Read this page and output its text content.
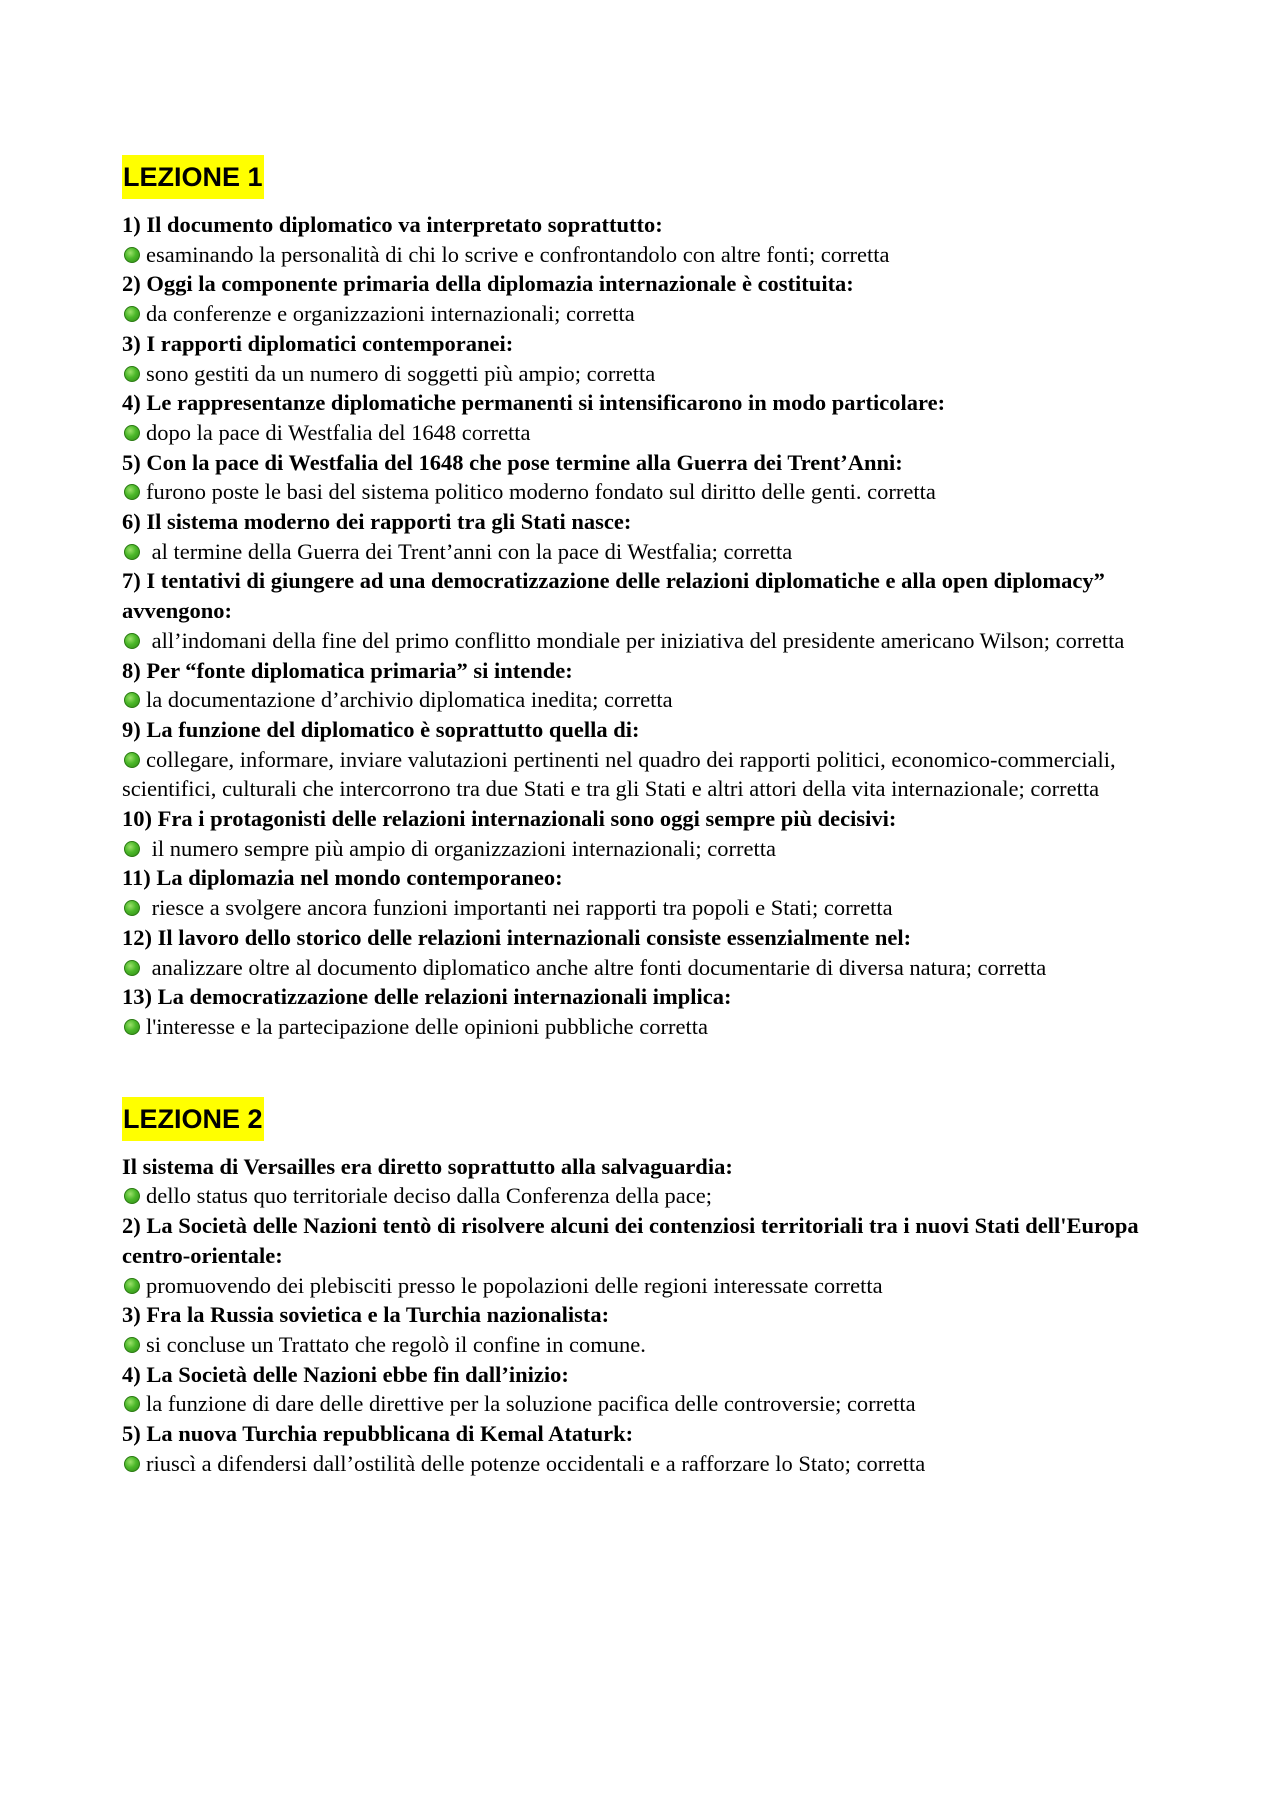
LEZIONE 1

1) Il documento diplomatico va interpretato soprattutto:

esaminando la personalità di chi lo scrive e confrontandolo con altre fonti; corretta

2) Oggi la componente primaria della diplomazia internazionale è costituita:

da conferenze e organizzazioni internazionali; corretta

3) I rapporti diplomatici contemporanei:

sono gestiti da un numero di soggetti più ampio; corretta

4) Le rappresentanze diplomatiche permanenti si intensificarono in modo particolare:

dopo la pace di Westfalia del 1648 corretta

5) Con la pace di Westfalia del 1648 che pose termine alla Guerra dei Trent’Anni:

furono poste le basi del sistema politico moderno fondato sul diritto delle genti. corretta

6) Il sistema moderno dei rapporti tra gli Stati nasce:

al termine della Guerra dei Trent’anni con la pace di Westfalia; corretta

7) I tentativi di giungere ad una democratizzazione delle relazioni diplomatiche e alla open diplomacy” avvengono:

all’indomani della fine del primo conflitto mondiale per iniziativa del presidente americano Wilson; corretta

8) Per “fonte diplomatica primaria” si intende:

la documentazione d’archivio diplomatica inedita; corretta

9) La funzione del diplomatico è soprattutto quella di:

collegare, informare, inviare valutazioni pertinenti nel quadro dei rapporti politici, economico-commerciali, scientifici, culturali che intercorrono tra due Stati e tra gli Stati e altri attori della vita internazionale; corretta

10) Fra i protagonisti delle relazioni internazionali sono oggi sempre più decisivi:

il numero sempre più ampio di organizzazioni internazionali; corretta

11) La diplomazia nel mondo contemporaneo:

riesce a svolgere ancora funzioni importanti nei rapporti tra popoli e Stati; corretta

12) Il lavoro dello storico delle relazioni internazionali consiste essenzialmente nel:

analizzare oltre al documento diplomatico anche altre fonti documentarie di diversa natura; corretta

13) La democratizzazione delle relazioni internazionali implica:

l'interesse e la partecipazione delle opinioni pubbliche corretta

LEZIONE 2

Il sistema di Versailles era diretto soprattutto alla salvaguardia:

dello status quo territoriale deciso dalla Conferenza della pace;

2) La Società delle Nazioni tentò di risolvere alcuni dei contenziosi territoriali tra i nuovi Stati dell'Europa centro-orientale:

promuovendo dei plebisciti presso le popolazioni delle regioni interessate corretta

3) Fra la Russia sovietica e la Turchia nazionalista:

si concluse un Trattato che regolò il confine in comune.

4) La Società delle Nazioni ebbe fin dall’inizio:

la funzione di dare delle direttive per la soluzione pacifica delle controversie; corretta

5) La nuova Turchia repubblicana di Kemal Ataturk:

riuscì a difendersi dall’ostilità delle potenze occidentali e a rafforzare lo Stato; corretta
